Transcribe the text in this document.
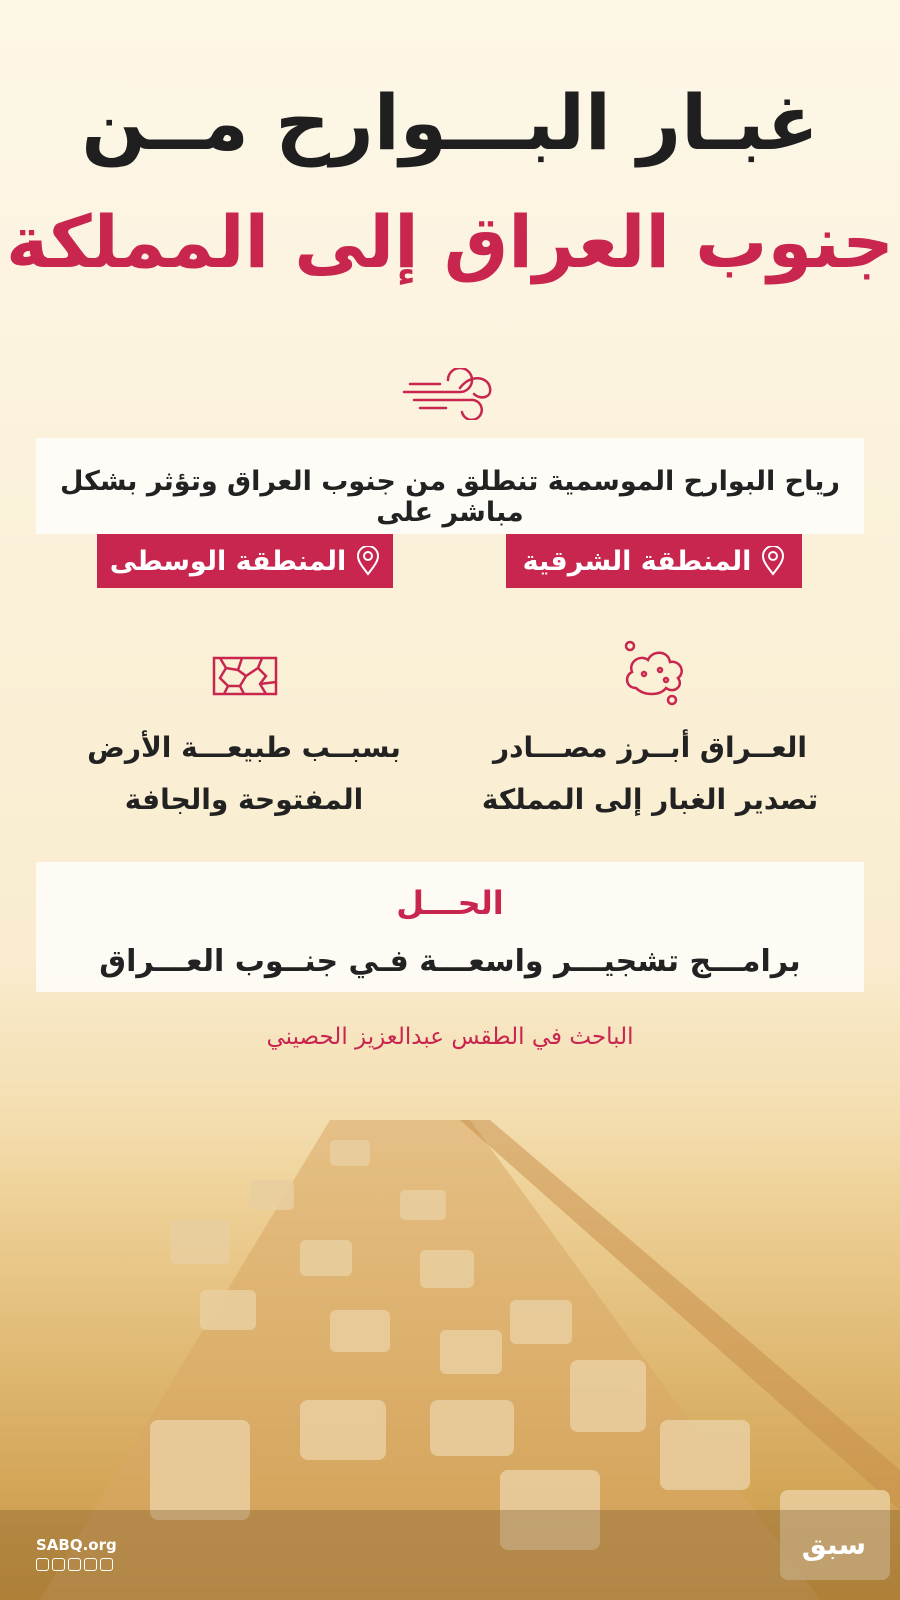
غبـار البـــوارح مــن
جنوب العراق إلى المملكة
رياح البوارح الموسمية تنطلق من جنوب العراق وتؤثر بشكل مباشر على
المنطقة الشرقية
المنطقة الوسطى
العــراق أبــرز مصـــادر
تصدير الغبار إلى المملكة
بسبــب طبيعـــة الأرض
المفتوحة والجافة
الحـــل
برامـــج تشجيـــر واسعـــة فـي جنــوب العـــراق
الباحث في الطقس عبدالعزيز الحصيني
SABQ.org	سبق
